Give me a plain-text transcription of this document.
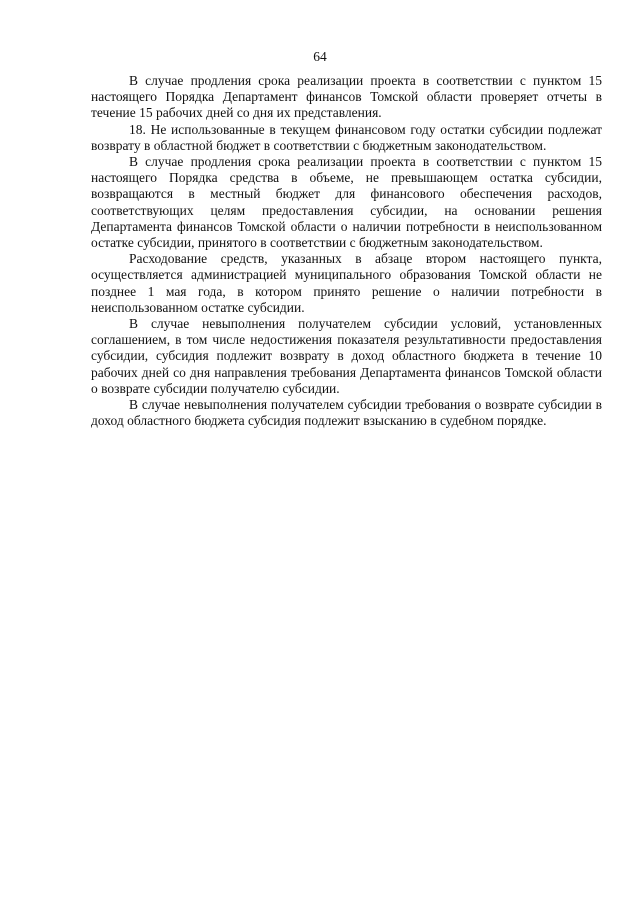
64

В случае продления срока реализации проекта в соответствии с пунктом 15 настоящего Порядка Департамент финансов Томской области проверяет отчеты в течение 15 рабочих дней со дня их представления.

18. Не использованные в текущем финансовом году остатки субсидии подлежат возврату в областной бюджет в соответствии с бюджетным законодательством.

В случае продления срока реализации проекта в соответствии с пунктом 15 настоящего Порядка средства в объеме, не превышающем остатка субсидии, возвращаются в местный бюджет для финансового обеспечения расходов, соответствующих целям предоставления субсидии, на основании решения Департамента финансов Томской области о наличии потребности в неиспользованном остатке субсидии, принятого в соответствии с бюджетным законодательством.

Расходование средств, указанных в абзаце втором настоящего пункта, осуществляется администрацией муниципального образования Томской области не позднее 1 мая года, в котором принято решение о наличии потребности в неиспользованном остатке субсидии.

В случае невыполнения получателем субсидии условий, установленных соглашением, в том числе недостижения показателя результативности предоставления субсидии, субсидия подлежит возврату в доход областного бюджета в течение 10 рабочих дней со дня направления требования Департамента финансов Томской области о возврате субсидии получателю субсидии.

В случае невыполнения получателем субсидии требования о возврате субсидии в доход областного бюджета субсидия подлежит взысканию в судебном порядке.
